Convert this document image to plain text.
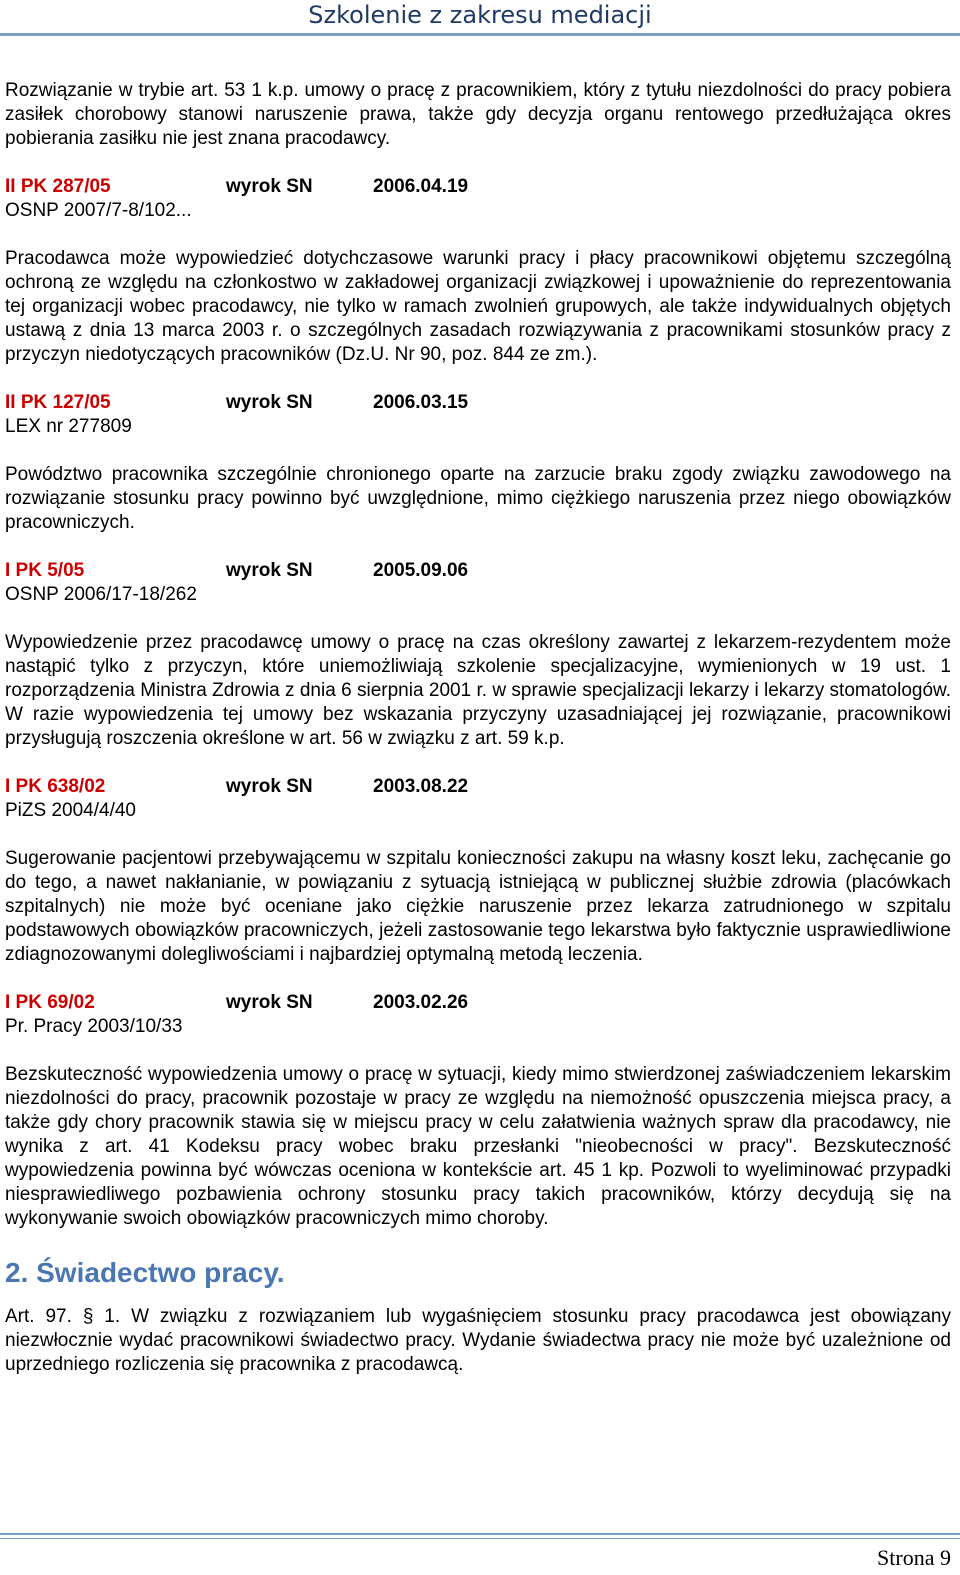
Szkolenie z zakresu mediacji

Rozwiązanie w trybie art. 53 1 k.p. umowy o pracę z pracownikiem, który z tytułu niezdolności do pracy pobiera zasiłek chorobowy stanowi naruszenie prawa, także gdy decyzja organu rentowego przedłużająca okres pobierania zasiłku nie jest znana pracodawcy.

II PK 287/05	wyrok SN	2006.04.19
OSNP 2007/7-8/102...

Pracodawca może wypowiedzieć dotychczasowe warunki pracy i płacy pracownikowi objętemu szczególną ochroną ze względu na członkostwo w zakładowej organizacji związkowej i upoważnienie do reprezentowania tej organizacji wobec pracodawcy, nie tylko w ramach zwolnień grupowych, ale także indywidualnych objętych ustawą z dnia 13 marca 2003 r. o szczególnych zasadach rozwiązywania z pracownikami stosunków pracy z przyczyn niedotyczących pracowników (Dz.U. Nr 90, poz. 844 ze zm.).

II PK 127/05	wyrok SN	2006.03.15
LEX nr 277809

Powództwo pracownika szczególnie chronionego oparte na zarzucie braku zgody związku zawodowego na rozwiązanie stosunku pracy powinno być uwzględnione, mimo ciężkiego naruszenia przez niego obowiązków pracowniczych.

I PK 5/05	wyrok SN	2005.09.06
OSNP 2006/17-18/262

Wypowiedzenie przez pracodawcę umowy o pracę na czas określony zawartej z lekarzem-rezydentem może nastąpić tylko z przyczyn, które uniemożliwiają szkolenie specjalizacyjne, wymienionych w 19 ust. 1 rozporządzenia Ministra Zdrowia z dnia 6 sierpnia 2001 r. w sprawie specjalizacji lekarzy i lekarzy stomatologów. W razie wypowiedzenia tej umowy bez wskazania przyczyny uzasadniającej jej rozwiązanie, pracownikowi przysługują roszczenia określone w art. 56 w związku z art. 59 k.p.

I PK 638/02	wyrok SN	2003.08.22
PiZS 2004/4/40

Sugerowanie pacjentowi przebywającemu w szpitalu konieczności zakupu na własny koszt leku, zachęcanie go do tego, a nawet nakłanianie, w powiązaniu z sytuacją istniejącą w publicznej służbie zdrowia (placówkach szpitalnych) nie może być oceniane jako ciężkie naruszenie przez lekarza zatrudnionego w szpitalu podstawowych obowiązków pracowniczych, jeżeli zastosowanie tego lekarstwa było faktycznie usprawiedliwione zdiagnozowanymi dolegliwościami i najbardziej optymalną metodą leczenia.

I PK 69/02	wyrok SN	2003.02.26
Pr. Pracy 2003/10/33

Bezskuteczność wypowiedzenia umowy o pracę w sytuacji, kiedy mimo stwierdzonej zaświadczeniem lekarskim niezdolności do pracy, pracownik pozostaje w pracy ze względu na niemożność opuszczenia miejsca pracy, a także gdy chory pracownik stawia się w miejscu pracy w celu załatwienia ważnych spraw dla pracodawcy, nie wynika z art. 41 Kodeksu pracy wobec braku przesłanki "nieobecności w pracy". Bezskuteczność wypowiedzenia powinna być wówczas oceniona w kontekście art. 45 1 kp. Pozwoli to wyeliminować przypadki niesprawiedliwego pozbawienia ochrony stosunku pracy takich pracowników, którzy decydują się na wykonywanie swoich obowiązków pracowniczych mimo choroby.

2. Świadectwo pracy.

Art. 97. § 1. W związku z rozwiązaniem lub wygaśnięciem stosunku pracy pracodawca jest obowiązany niezwłocznie wydać pracownikowi świadectwo pracy. Wydanie świadectwa pracy nie może być uzależnione od uprzedniego rozliczenia się pracownika z pracodawcą.

Strona 9
